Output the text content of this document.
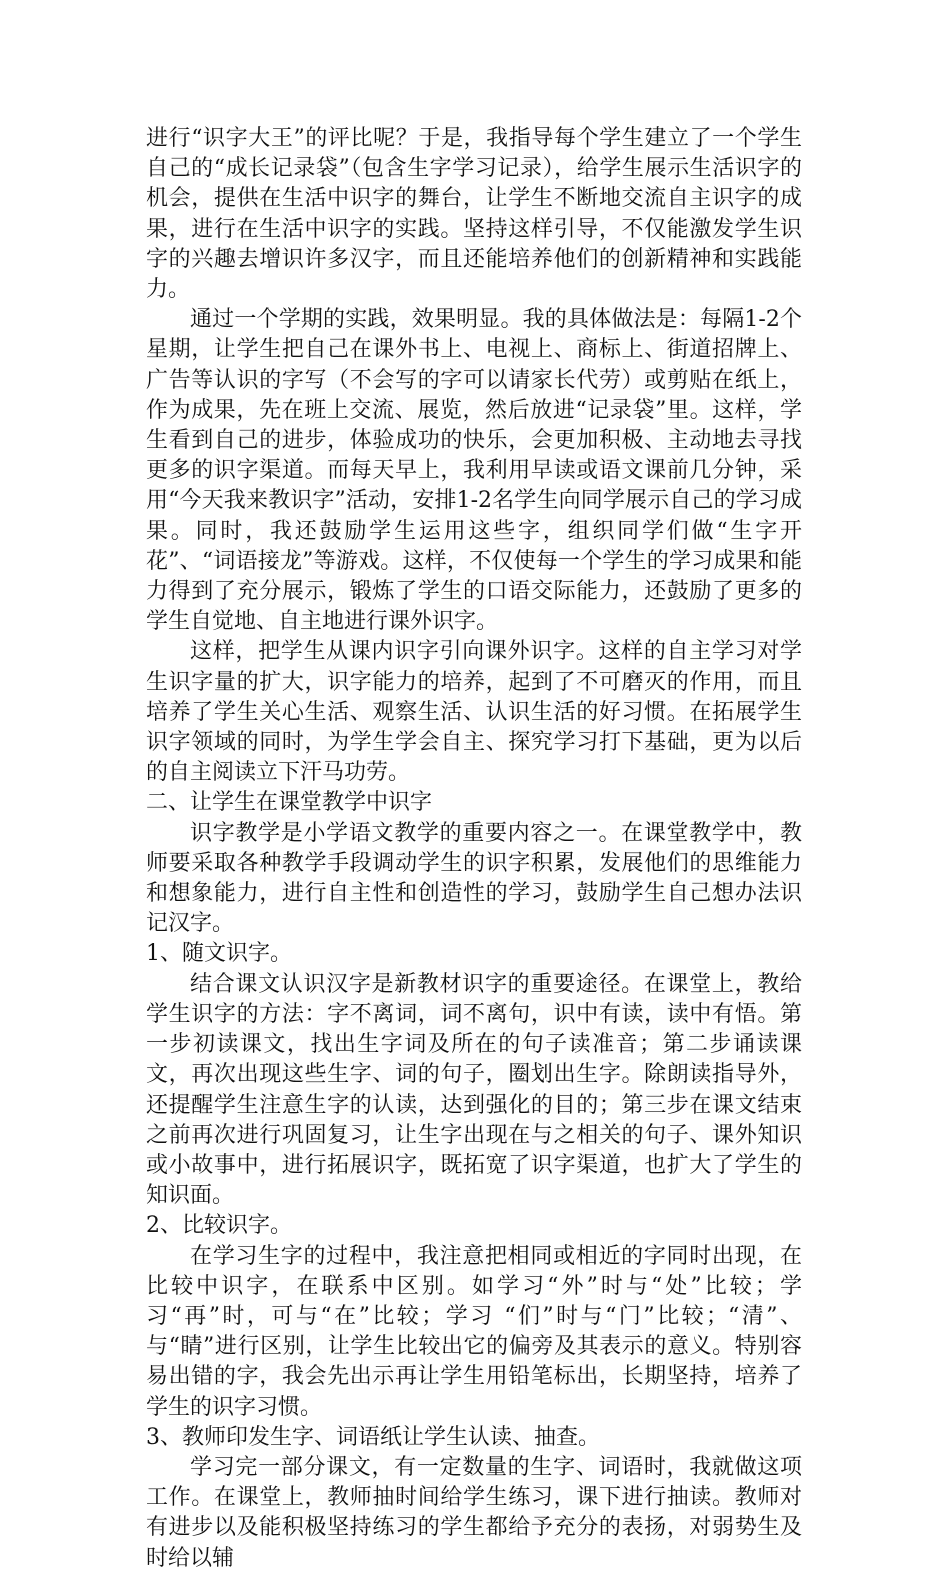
进行“识字大王”的评比呢？于是，我指导每个学生建立了一个学生自己的“成长记录袋”（包含生字学习记录），给学生展示生活识字的机会，提供在生活中识字的舞台，让学生不断地交流自主识字的成果，进行在生活中识字的实践。坚持这样引导，不仅能激发学生识字的兴趣去增识许多汉字，而且还能培养他们的创新精神和实践能力。

通过一个学期的实践，效果明显。我的具体做法是：每隔1-2个星期，让学生把自己在课外书上、电视上、商标上、街道招牌上、广告等认识的字写（不会写的字可以请家长代劳）或剪贴在纸上，作为成果，先在班上交流、展览，然后放进“记录袋”里。这样，学生看到自己的进步，体验成功的快乐，会更加积极、主动地去寻找更多的识字渠道。而每天早上，我利用早读或语文课前几分钟，采用“今天我来教识字”活动，安排1-2名学生向同学展示自己的学习成果。同时，我还鼓励学生运用这些字，组织同学们做“生字开花”、“词语接龙”等游戏。这样，不仅使每一个学生的学习成果和能力得到了充分展示，锻炼了学生的口语交际能力，还鼓励了更多的学生自觉地、自主地进行课外识字。

这样，把学生从课内识字引向课外识字。这样的自主学习对学生识字量的扩大，识字能力的培养，起到了不可磨灭的作用，而且培养了学生关心生活、观察生活、认识生活的好习惯。在拓展学生识字领域的同时，为学生学会自主、探究学习打下基础，更为以后的自主阅读立下汗马功劳。

二、让学生在课堂教学中识字

识字教学是小学语文教学的重要内容之一。在课堂教学中，教师要采取各种教学手段调动学生的识字积累，发展他们的思维能力和想象能力，进行自主性和创造性的学习，鼓励学生自己想办法识记汉字。

1、随文识字。

结合课文认识汉字是新教材识字的重要途径。在课堂上，教给学生识字的方法：字不离词，词不离句，识中有读，读中有悟。第一步初读课文，找出生字词及所在的句子读准音；第二步诵读课文，再次出现这些生字、词的句子，圈划出生字。除朗读指导外，还提醒学生注意生字的认读，达到强化的目的；第三步在课文结束之前再次进行巩固复习，让生字出现在与之相关的句子、课外知识或小故事中，进行拓展识字，既拓宽了识字渠道，也扩大了学生的知识面。

2、比较识字。

在学习生字的过程中，我注意把相同或相近的字同时出现，在比较中识字，在联系中区别。如学习“外”时与“处”比较；学习“再”时，可与“在”比较；学习 “们”时与“门”比较；“清”、与“睛”进行区别，让学生比较出它的偏旁及其表示的意义。特别容易出错的字，我会先出示再让学生用铅笔标出，长期坚持，培养了学生的识字习惯。

3、教师印发生字、词语纸让学生认读、抽查。

学习完一部分课文，有一定数量的生字、词语时，我就做这项工作。在课堂上，教师抽时间给学生练习，课下进行抽读。教师对有进步以及能积极坚持练习的学生都给予充分的表扬，对弱势生及时给以辅
